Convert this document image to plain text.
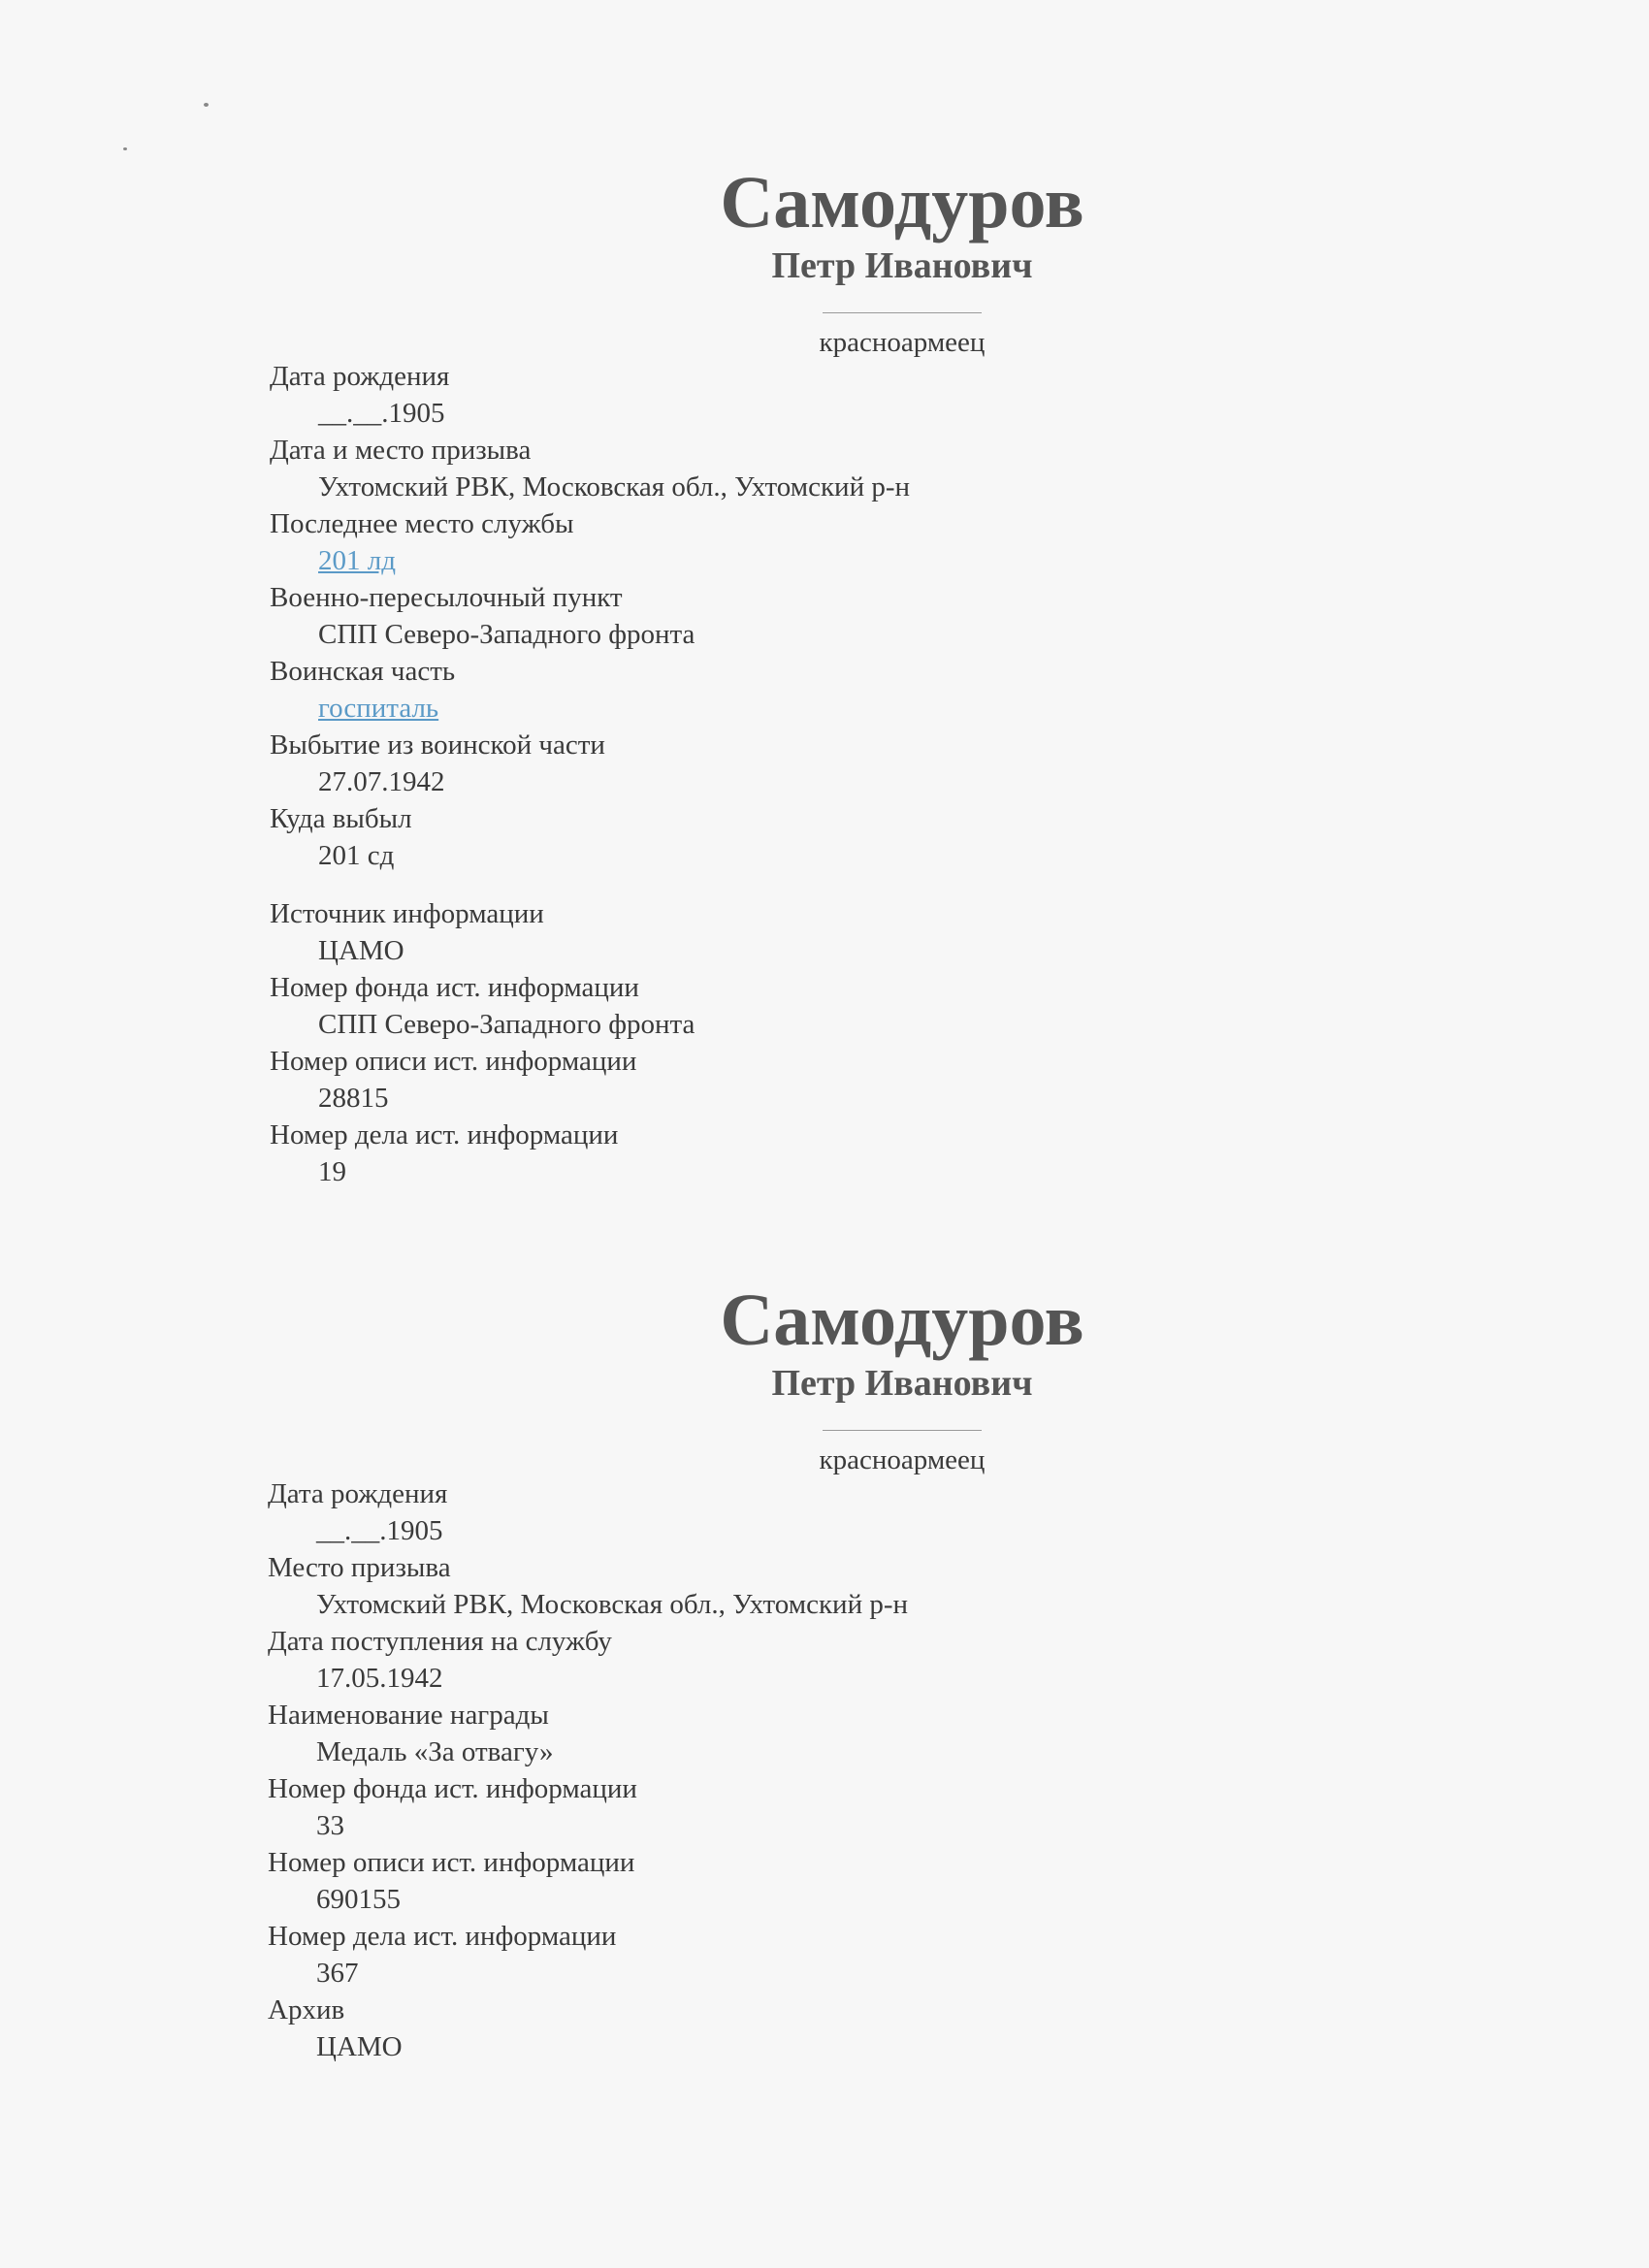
Самодуров
Петр Иванович
красноармеец
Дата рождения
__.__.1905
Дата и место призыва
Ухтомский РВК, Московская обл., Ухтомский р-н
Последнее место службы
201 лд
Военно-пересылочный пункт
СПП Северо-Западного фронта
Воинская часть
госпиталь
Выбытие из воинской части
27.07.1942
Куда выбыл
201 сд
Источник информации
ЦАМО
Номер фонда ист. информации
СПП Северо-Западного фронта
Номер описи ист. информации
28815
Номер дела ист. информации
19
Самодуров
Петр Иванович
красноармеец
Дата рождения
__.__.1905
Место призыва
Ухтомский РВК, Московская обл., Ухтомский р-н
Дата поступления на службу
17.05.1942
Наименование награды
Медаль «За отвагу»
Номер фонда ист. информации
33
Номер описи ист. информации
690155
Номер дела ист. информации
367
Архив
ЦАМО
